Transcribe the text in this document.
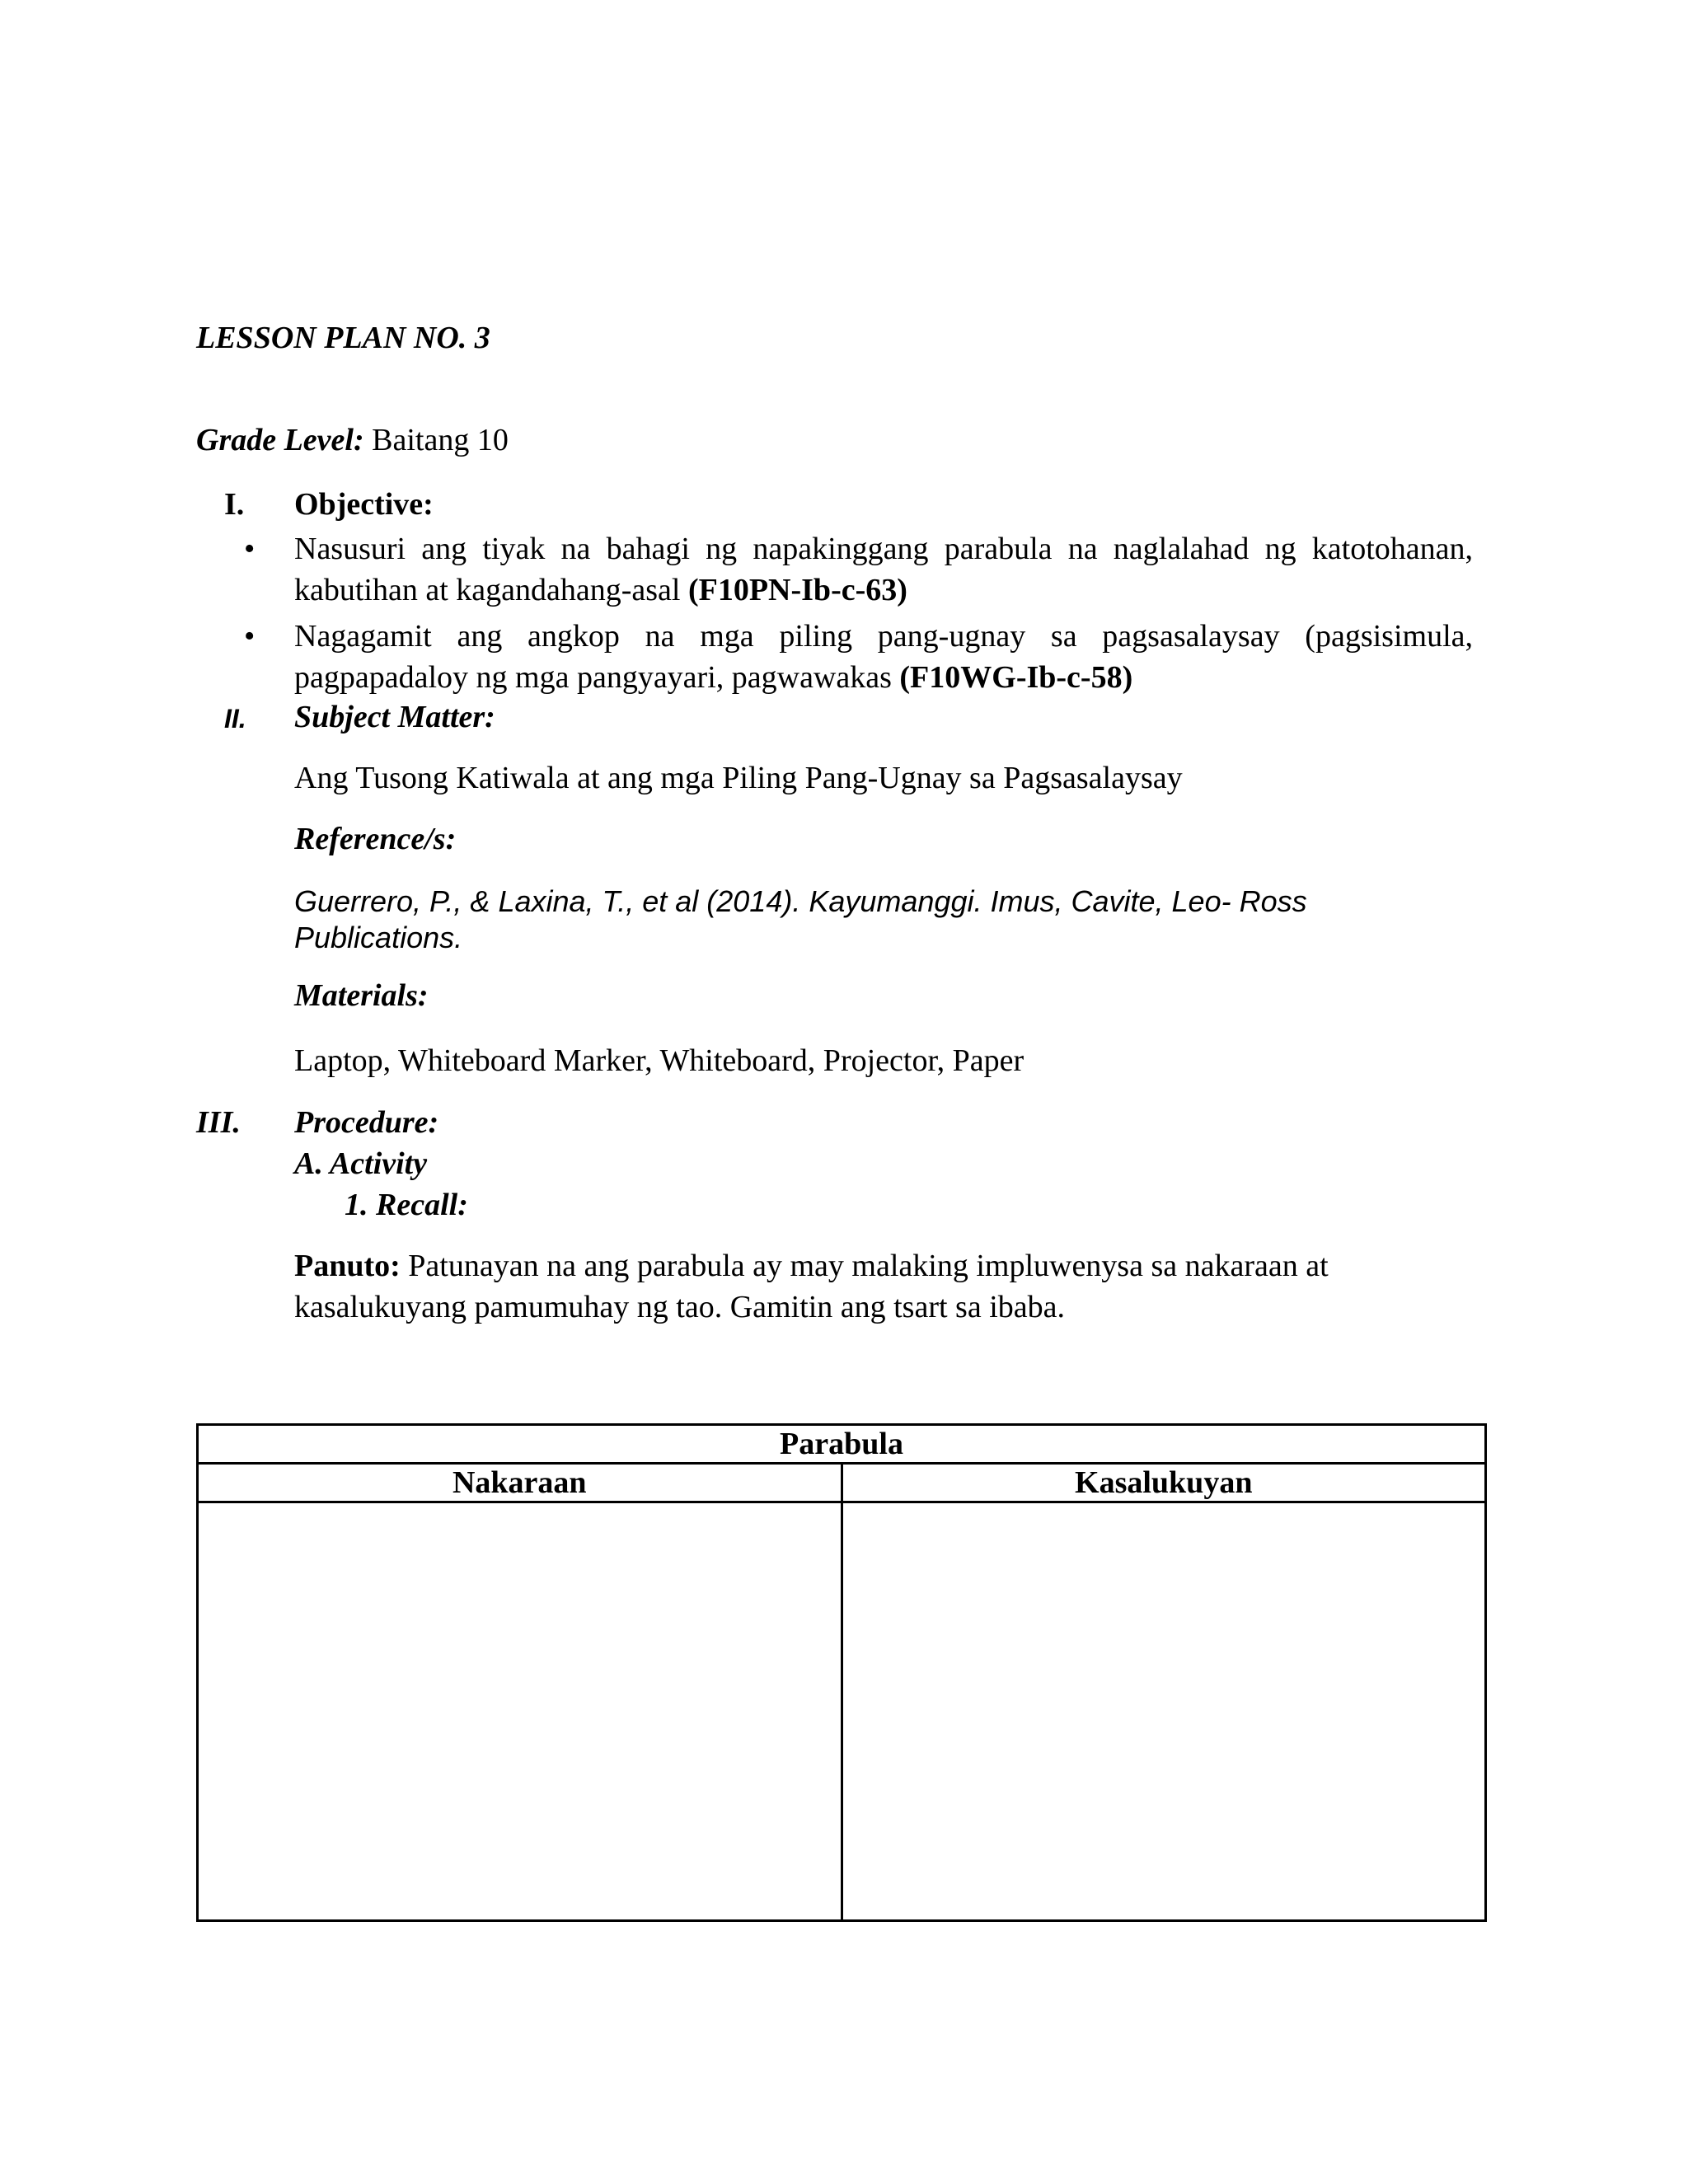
LESSON PLAN NO. 3
Grade Level: Baitang 10
I. Objective:
• Nasusuri ang tiyak na bahagi ng napakinggang parabula na naglalahad ng katotohanan,
kabutihan at kagandahang-asal (F10PN-Ib-c-63)
• Nagagamit ang angkop na mga piling pang-ugnay sa pagsasalaysay (pagsisimula,
pagpapadaloy ng mga pangyayari, pagwawakas (F10WG-Ib-c-58)
II. Subject Matter:
Ang Tusong Katiwala at ang mga Piling Pang-Ugnay sa Pagsasalaysay
Reference/s:
Guerrero, P., & Laxina, T., et al (2014). Kayumanggi. Imus, Cavite, Leo- Ross
Publications.
Materials:
Laptop, Whiteboard Marker, Whiteboard, Projector, Paper
III. Procedure:
A. Activity
1. Recall:
Panuto: Patunayan na ang parabula ay may malaking impluwenysa sa nakaraan at
kasalukuyang pamumuhay ng tao. Gamitin ang tsart sa ibaba.
Parabula	
Nakaraan	Kasalukuyan
